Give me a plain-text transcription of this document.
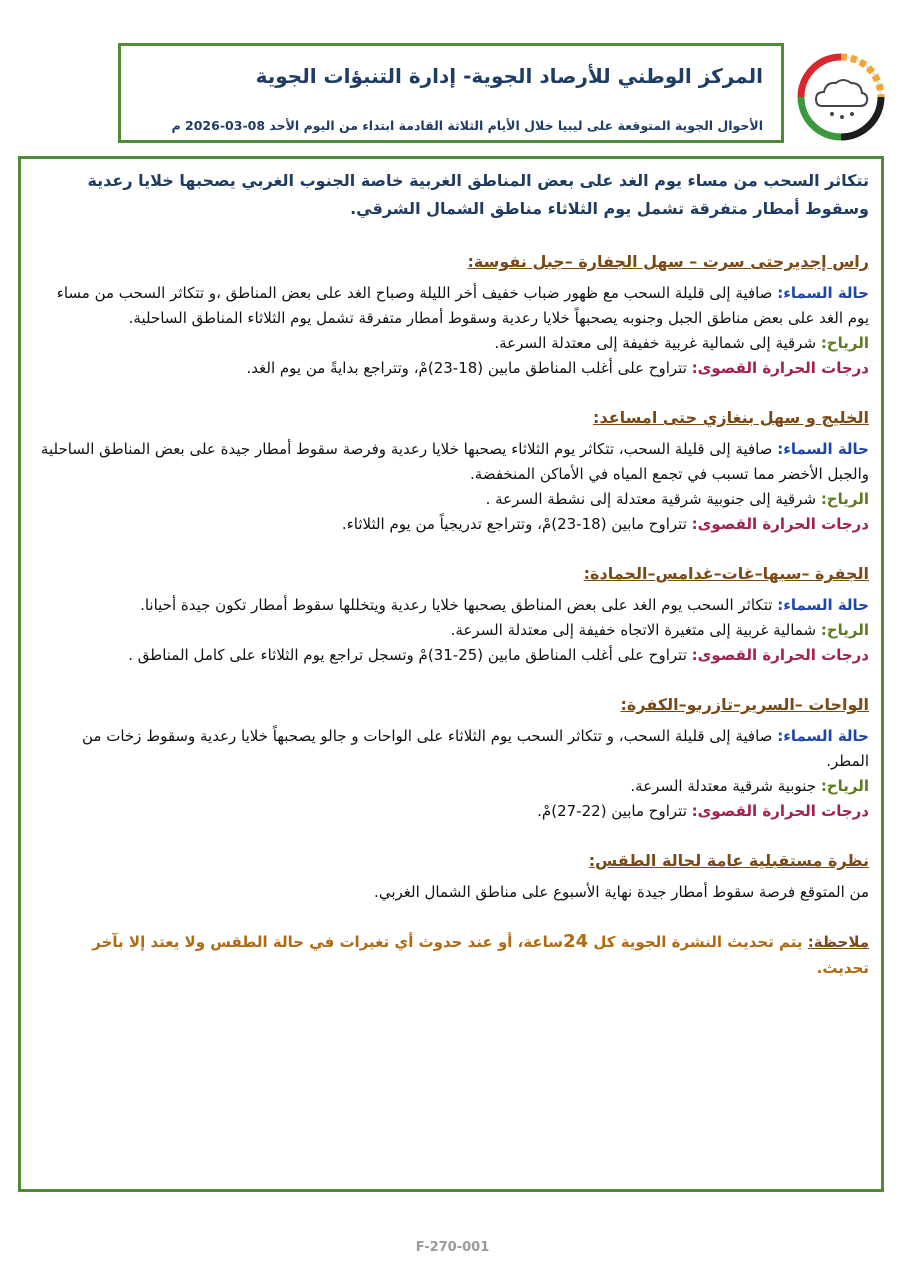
المركز الوطني للأرصاد الجوية- إدارة التنبؤات الجوية
الأحوال الجوية المتوقعة على ليبيا خلال الأيام الثلاثة القادمة ابتداء من اليوم الأحد 08-03-2026 م

تتكاثر السحب من مساء يوم الغد على بعض المناطق الغربية خاصة الجنوب الغربي يصحبها خلايا رعدية وسقوط أمطار متفرقة تشمل يوم الثلاثاء مناطق الشمال الشرقي.

راس إجديرحتى سرت – سهل الجفارة –جبل نفوسة:

حالة السماء: صافية إلى قليلة السحب مع ظهور ضباب خفيف أخر الليلة وصباح الغد على بعض المناطق ،و تتكاثر السحب من مساء يوم الغد على بعض مناطق الجبل وجنوبه يصحبهاً خلايا رعدية وسقوط أمطار متفرقة تشمل يوم الثلاثاء المناطق الساحلية.

الرياح: شرقية إلى شمالية غربية خفيفة إلى معتدلة السرعة.

درجات الحرارة القصوى: تتراوح على أغلب المناطق مابين (18-23)مْ، وتتراجع بدايةً من يوم الغد.

الخليج و سهل بنغازي حتى امساعد:

حالة السماء: صافية إلى قليلة السحب، تتكاثر يوم الثلاثاء يصحبها خلايا رعدية وفرصة سقوط أمطار جيدة على بعض المناطق الساحلية والجبل الأخضر مما تسبب في تجمع المياه في الأماكن المنخفضة.

الرياح: شرقية إلى جنوبية شرقية معتدلة إلى نشطة السرعة .

درجات الحرارة القصوى: تتراوح مابين (18-23)مْ، وتتراجع تدريجياً من يوم الثلاثاء.

الجفرة –سبها–غات–غدامس–الحمادة:

حالة السماء: تتكاثر السحب يوم الغد على بعض المناطق يصحبها خلايا رعدية ويتخللها سقوط أمطار تكون جيدة أحيانا.

الرياح: شمالية غربية إلى متغيرة الاتجاه خفيفة إلى معتدلة السرعة.

درجات الحرارة القصوى: تتراوح على أغلب المناطق مابين (25-31)مْ وتسجل تراجع يوم الثلاثاء على كامل المناطق .

الواحات –السرير–تازربو–الكفرة:

حالة السماء: صافية إلى قليلة السحب، و تتكاثر السحب يوم الثلاثاء على الواحات و جالو يصحبهاً خلايا رعدية وسقوط زخات من المطر.

الرياح: جنوبية شرقية معتدلة السرعة.

درجات الحرارة القصوى: تتراوح مابين (22-27)مْ.

نظرة مستقبلية عامة لحالة الطقس:

من المتوقع فرصة سقوط أمطار جيدة نهاية الأسبوع على مناطق الشمال الغربي.

ملاحظة: يتم تحديث النشرة الجوية كل 24ساعة، أو عند حدوث أي تغيرات في حالة الطقس ولا يعتد إلا بآخر تحديث.

F-270-001
